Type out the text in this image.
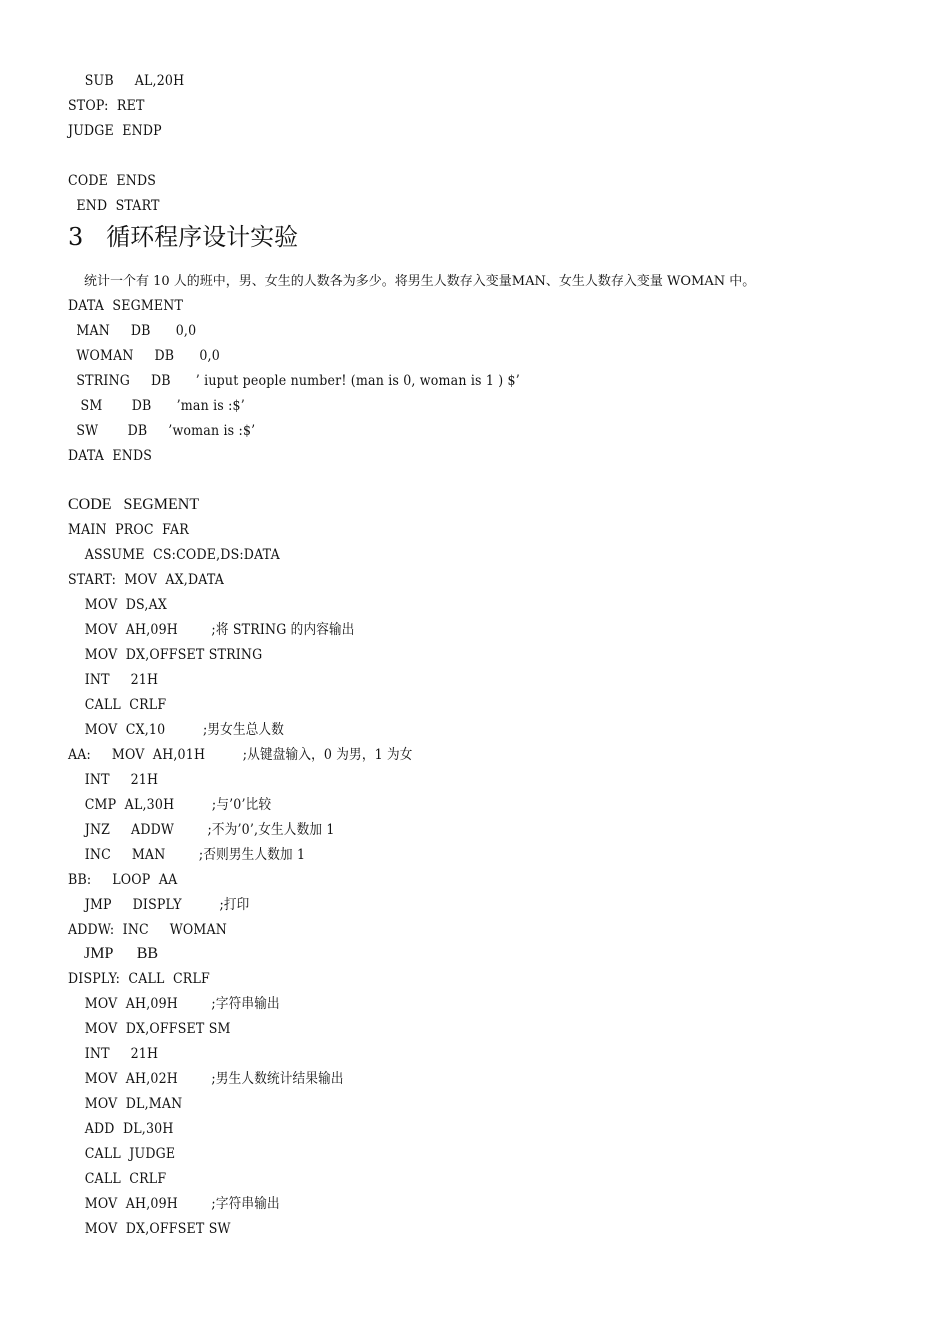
SUB     AL,20H
STOP:  RET
JUDGE  ENDP
CODE  ENDS
END  START
3   循环程序设计实验
统计一个有 10 人的班中，男、女生的人数各为多少。将男生人数存入变量MAN、女生人数存入变量 WOMAN 中。
DATA  SEGMENT
MAN     DB      0,0
WOMAN     DB      0,0
STRING     DB      ’ iuput people number! (man is 0, woman is 1 ) $’
SM       DB      ’man is :$’
SW       DB     ’woman is :$’
DATA  ENDS
CODE   SEGMENT
MAIN  PROC  FAR
ASSUME  CS:CODE,DS:DATA
START:  MOV  AX,DATA
MOV  DS,AX
MOV  AH,09H        ;将 STRING 的内容输出
MOV  DX,OFFSET STRING
INT     21H
CALL  CRLF
MOV  CX,10         ;男女生总人数
AA:     MOV  AH,01H         ;从键盘输入，0 为男，1 为女
INT     21H
CMP  AL,30H         ;与’0’比较
JNZ     ADDW        ;不为’0’,女生人数加 1
INC     MAN        ;否则男生人数加 1
BB:     LOOP  AA
JMP     DISPLY         ;打印
ADDW:  INC     WOMAN
JMP      BB
DISPLY:  CALL  CRLF
MOV  AH,09H        ;字符串输出
MOV  DX,OFFSET SM
INT     21H
MOV  AH,02H        ;男生人数统计结果输出
MOV  DL,MAN
ADD  DL,30H
CALL  JUDGE
CALL  CRLF
MOV  AH,09H        ;字符串输出
MOV  DX,OFFSET SW
